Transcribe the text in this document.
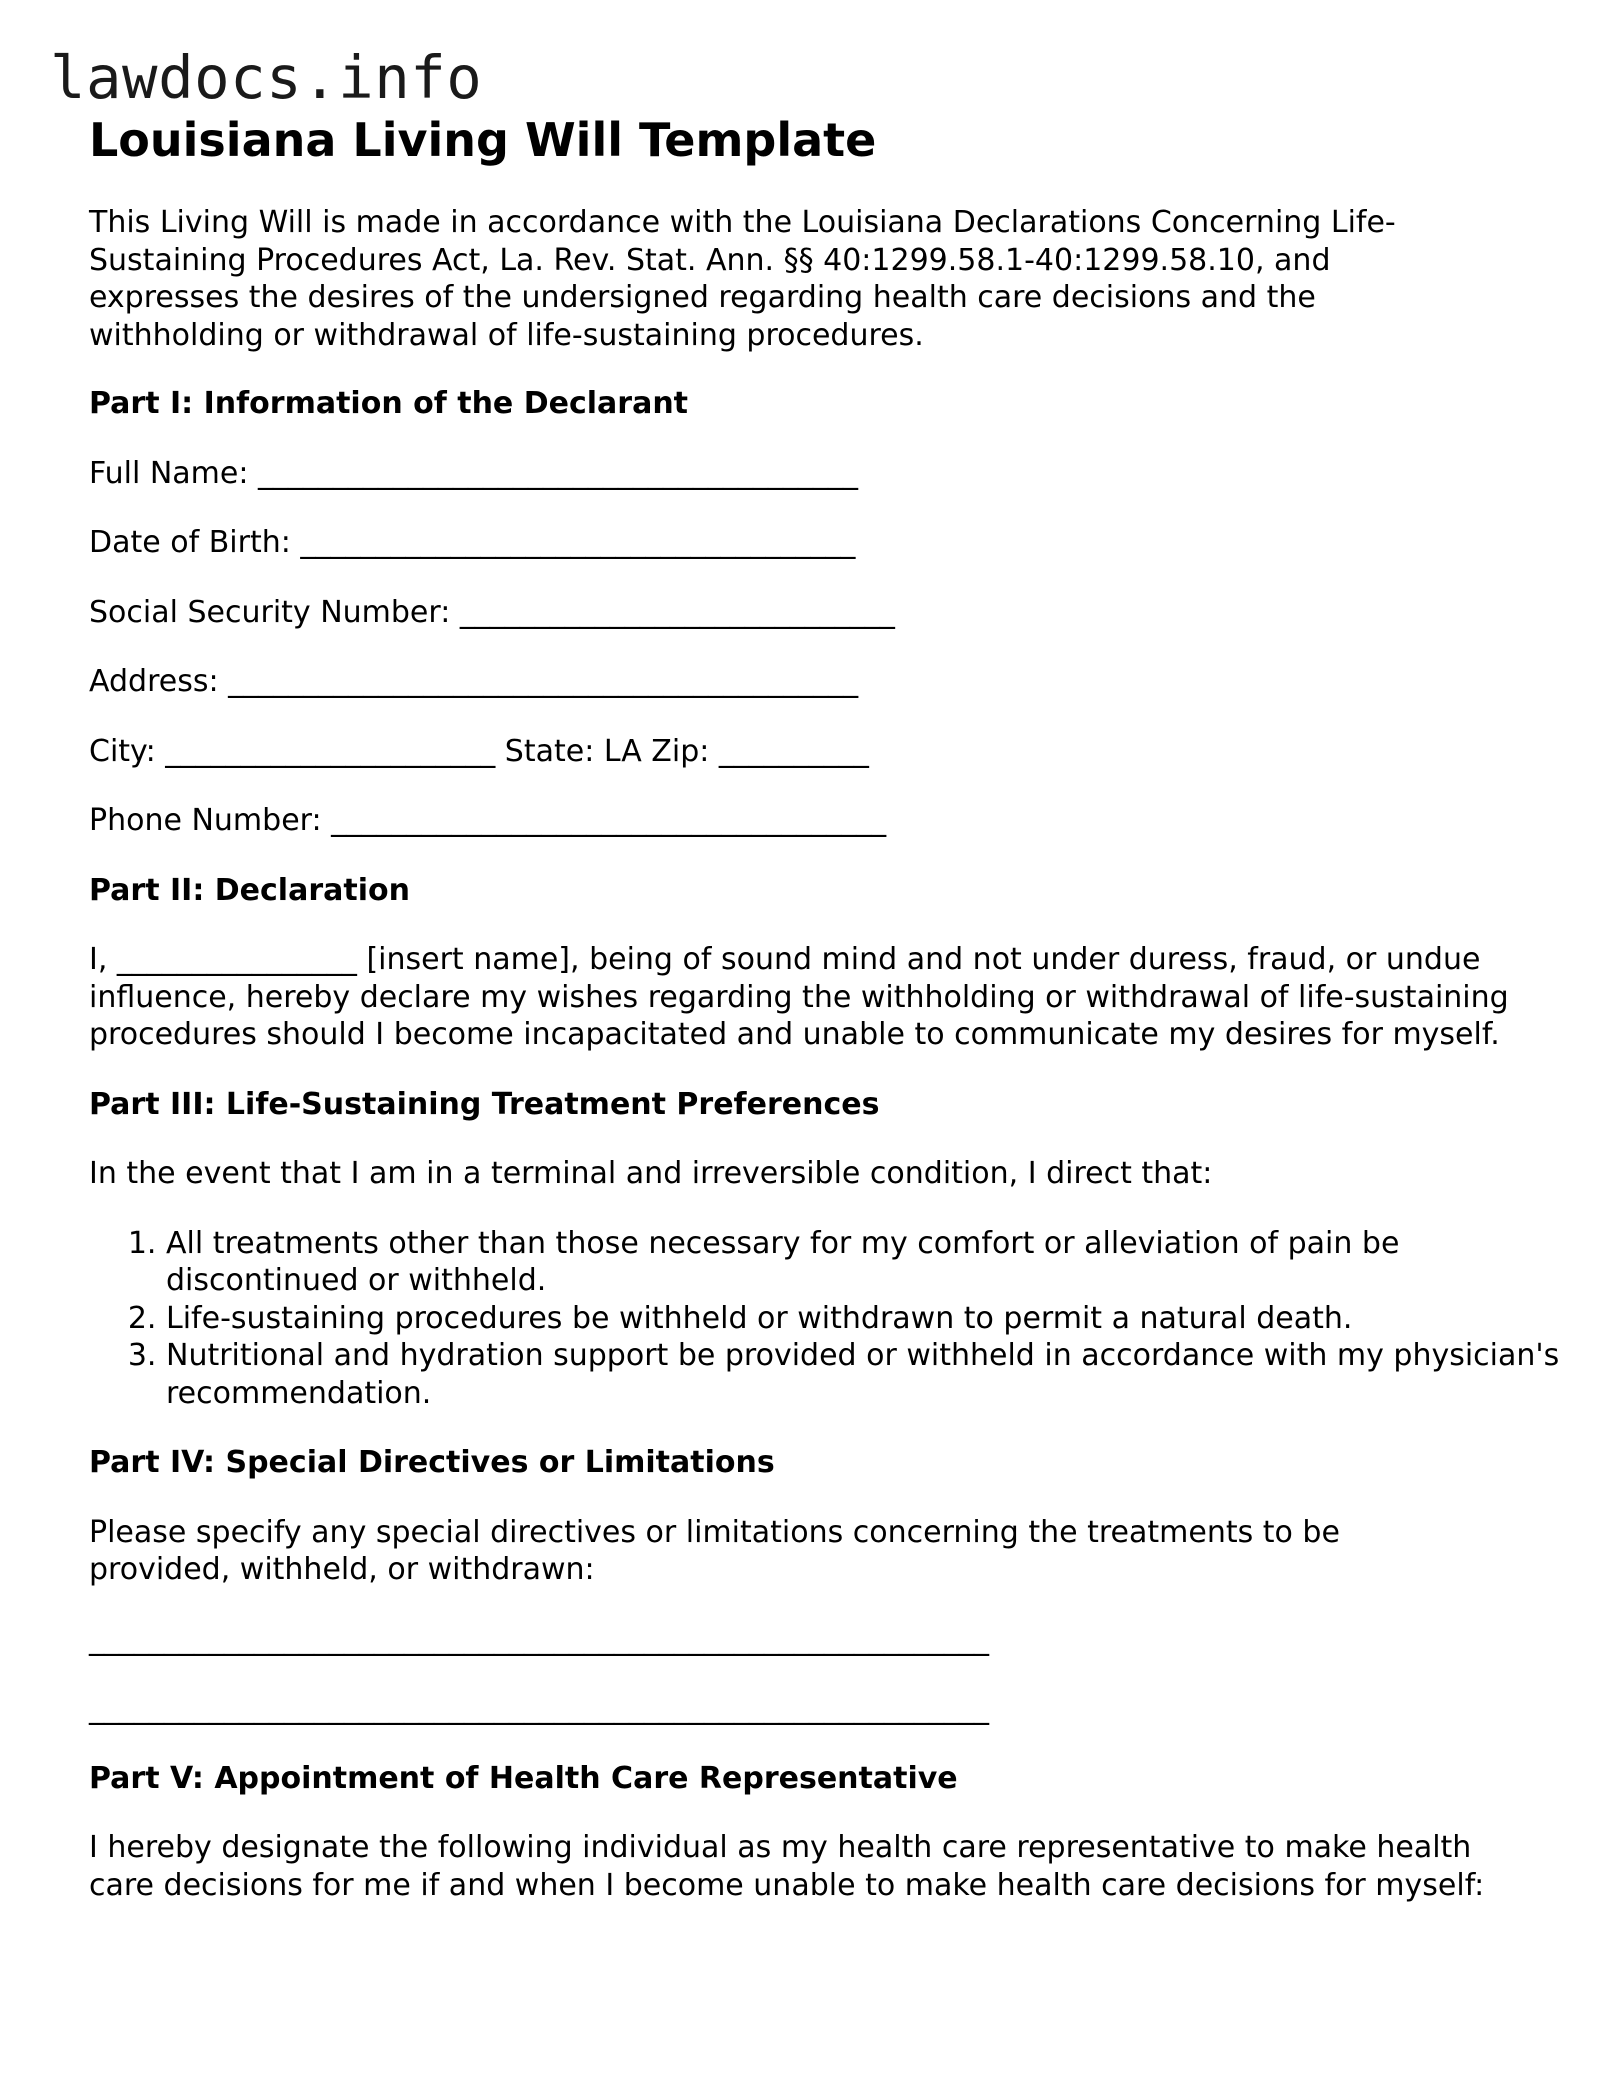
lawdocs.info
Louisiana Living Will Template

This Living Will is made in accordance with the Louisiana Declarations Concerning Life-Sustaining Procedures Act, La. Rev. Stat. Ann. §§ 40:1299.58.1-40:1299.58.10, and expresses the desires of the undersigned regarding health care decisions and the withholding or withdrawal of life-sustaining procedures.

Part I: Information of the Declarant
Full Name: ________________________________________
Date of Birth: _____________________________________
Social Security Number: _____________________________
Address: __________________________________________
City: ______________________ State: LA Zip: __________
Phone Number: _____________________________________
Part II: Declaration

I, ________________ [insert name], being of sound mind and not under duress, fraud, or undue influence, hereby declare my wishes regarding the withholding or withdrawal of life-sustaining procedures should I become incapacitated and unable to communicate my desires for myself.

Part III: Life-Sustaining Treatment Preferences

In the event that I am in a terminal and irreversible condition, I direct that:

1. All treatments other than those necessary for my comfort or alleviation of pain be discontinued or withheld.
2. Life-sustaining procedures be withheld or withdrawn to permit a natural death.
3. Nutritional and hydration support be provided or withheld in accordance with my physician's recommendation.
Part IV: Special Directives or Limitations

Please specify any special directives or limitations concerning the treatments to be provided, withheld, or withdrawn:

____________________________________________________________
____________________________________________________________
Part V: Appointment of Health Care Representative

I hereby designate the following individual as my health care representative to make health care decisions for me if and when I become unable to make health care decisions for myself:
